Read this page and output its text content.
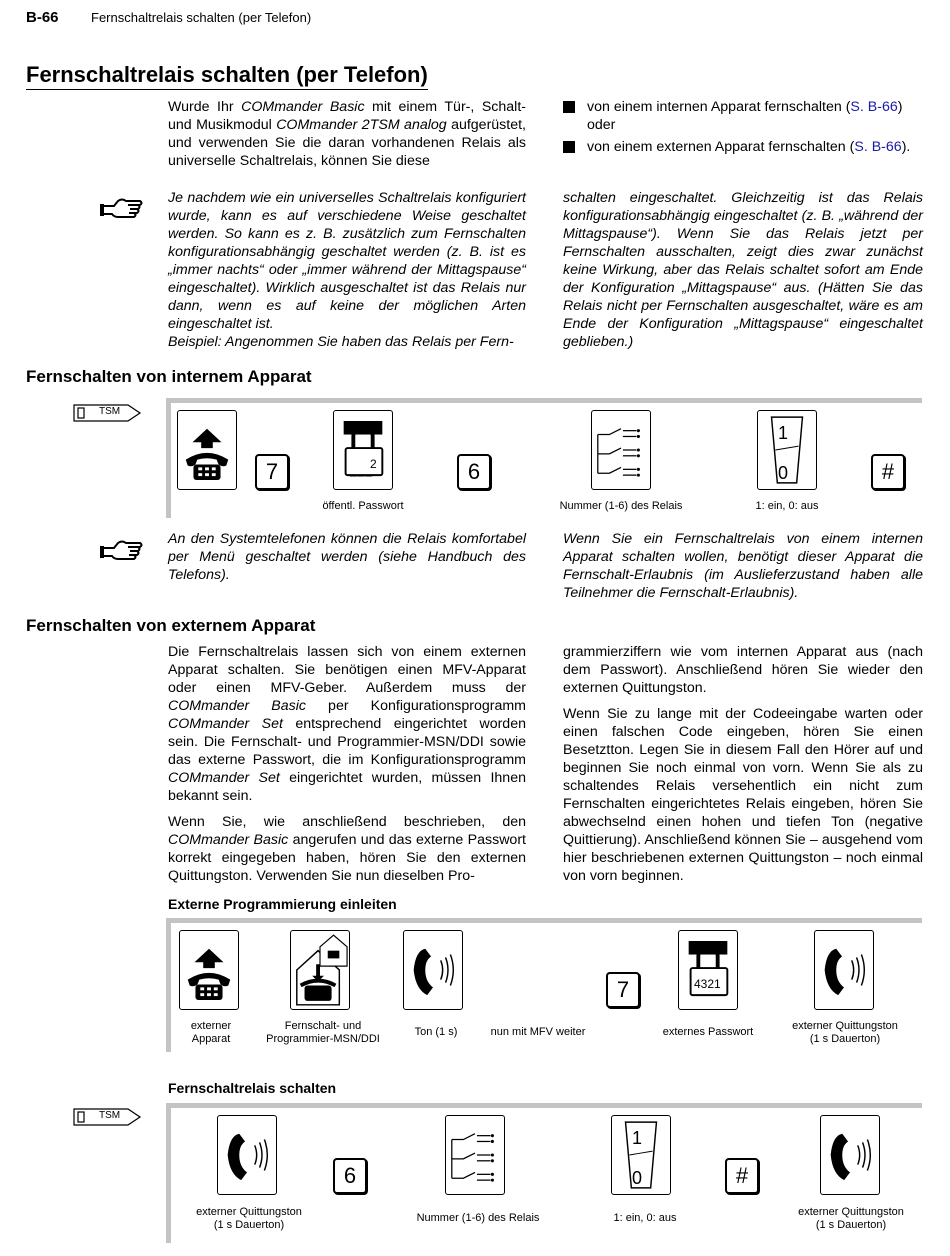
B-66 Fernschaltrelais schalten (per Telefon)
Fernschaltrelais schalten (per Telefon)
Wurde Ihr COMmander Basic mit einem Tür-, Schalt- und Musikmodul COMmander 2TSM analog aufgerüstet, und verwenden Sie die daran vorhandenen Relais als universelle Schaltrelais, können Sie diese
von einem internen Apparat fernschalten (S. B-66) oder
von einem externen Apparat fernschalten (S. B-66).
Je nachdem wie ein universelles Schaltrelais konfiguriert wurde, kann es auf verschiedene Weise geschaltet werden. So kann es z. B. zusätzlich zum Fernschalten konfigurationsabhängig geschaltet werden (z. B. ist es „immer nachts“ oder „immer während der Mittagspause“ eingeschaltet). Wirklich ausgeschaltet ist das Relais nur dann, wenn es auf keine der möglichen Arten eingeschaltet ist.
Beispiel: Angenommen Sie haben das Relais per Fern-
schalten eingeschaltet. Gleichzeitig ist das Relais konfigurationsabhängig eingeschaltet (z. B. „während der Mittagspause“). Wenn Sie das Relais jetzt per Fernschalten ausschalten, zeigt dies zwar zunächst keine Wirkung, aber das Relais schaltet sofort am Ende der Konfiguration „Mittagspause“ aus. (Hätten Sie das Relais nicht per Fernschalten ausgeschaltet, wäre es am Ende der Konfiguration „Mittagspause“ eingeschaltet geblieben.)
Fernschalten von internem Apparat
TSM
7	2
___	6
1
0	#
öffentl. Passwort	Nummer (1-6) des Relais	1: ein, 0: aus
An den Systemtelefonen können die Relais komfortabel per Menü geschaltet werden (siehe Handbuch des Telefons).
Wenn Sie ein Fernschaltrelais von einem internen Apparat schalten wollen, benötigt dieser Apparat die Fernschalt-Erlaubnis (im Auslieferzustand haben alle Teilnehmer die Fernschalt-Erlaubnis).
Fernschalten von externem Apparat

Die Fernschaltrelais lassen sich von einem externen Apparat schalten. Sie benötigen einen MFV-Apparat oder einen MFV-Geber. Außerdem muss der COMmander Basic per Konfigurationsprogramm COMmander Set entsprechend eingerichtet worden sein. Die Fernschalt- und Programmier-MSN/DDI sowie das externe Passwort, die im Konfigurationsprogramm COMmander Set eingerichtet wurden, müssen Ihnen bekannt sein.

Wenn Sie, wie anschließend beschrieben, den COMmander Basic angerufen und das externe Passwort korrekt eingegeben haben, hören Sie den externen Quittungston. Verwenden Sie nun dieselben Pro-

grammierziffern wie vom internen Apparat aus (nach dem Passwort). Anschließend hören Sie wieder den externen Quittungston.

Wenn Sie zu lange mit der Codeeingabe warten oder einen falschen Code eingeben, hören Sie einen Besetztton. Legen Sie in diesem Fall den Hörer auf und beginnen Sie noch einmal von vorn. Wenn Sie als zu schaltendes Relais versehentlich ein nicht zum Fernschalten eingerichtetes Relais eingeben, hören Sie abwechselnd einen hohen und tiefen Ton (negative Quittierung). Anschließend können Sie – ausgehend vom hier beschriebenen externen Quittungston – noch einmal von vorn beginnen.

Externe Programmierung einleiten
7	4321
externer
Apparat
Fernschalt- und
Programmier-MSN/DDI
Ton (1 s)	nun mit MFV weiter	externes Passwort	externer Quittungston
(1 s Dauerton)
Fernschaltrelais schalten
TSM
6
1
0	#
externer Quittungston
(1 s Dauerton)
Nummer (1-6) des Relais	1: ein, 0: aus	externer Quittungston
(1 s Dauerton)
